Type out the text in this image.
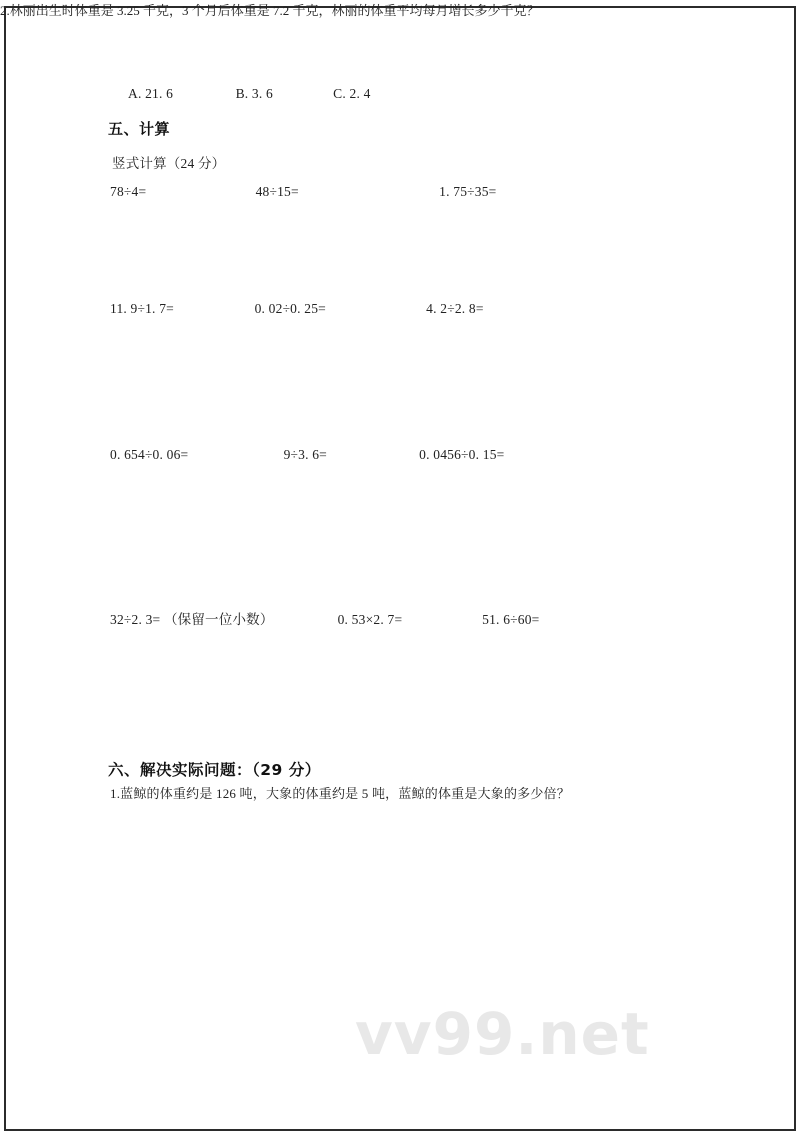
A. 21. 6	B. 3. 6	C. 2. 4
五、计算
竖式计算（24 分）
78÷4=	48÷15=	1. 75÷35=
11. 9÷1. 7=	0. 02÷0. 25=	4. 2÷2. 8=
0. 654÷0. 06=	9÷3. 6=	0. 0456÷0. 15=
32÷2. 3= （保留一位小数）	0. 53×2. 7=	51. 6÷60=
六、解决实际问题：（29 分）
1.蓝鲸的体重约是 126 吨，大象的体重约是 5 吨，蓝鲸的体重是大象的多少倍？
2.林丽出生时体重是 3.25 千克，3 个月后体重是 7.2 千克，林丽的体重平均每月增长多少千克？
vv99.net
